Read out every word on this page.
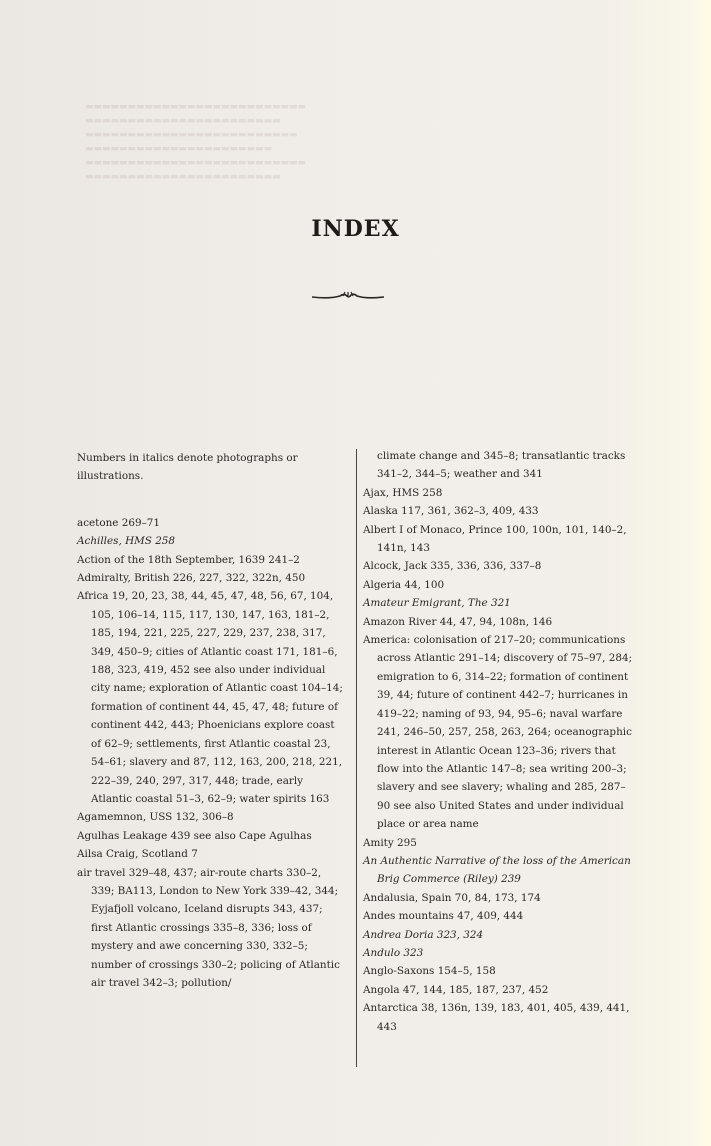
▬▬▬▬▬▬▬▬▬▬▬▬▬▬▬▬▬▬▬▬▬▬▬▬▬▬
▬▬▬▬▬▬▬▬▬▬▬▬▬▬▬▬▬▬▬▬▬▬▬
▬▬▬▬▬▬▬▬▬▬▬▬▬▬▬▬▬▬▬▬▬▬▬▬▬
▬▬▬▬▬▬▬▬▬▬▬▬▬▬▬▬▬▬▬▬▬▬
▬▬▬▬▬▬▬▬▬▬▬▬▬▬▬▬▬▬▬▬▬▬▬▬▬▬
▬▬▬▬▬▬▬▬▬▬▬▬▬▬▬▬▬▬▬▬▬▬▬
INDEX

Numbers in italics denote photographs or illustrations.

acetone 269–71

Achilles, HMS 258

Action of the 18th September, 1639 241–2

Admiralty, British 226, 227, 322, 322n, 450

Africa 19, 20, 23, 38, 44, 45, 47, 48, 56, 67, 104, 105, 106–14, 115, 117, 130, 147, 163, 181–2, 185, 194, 221, 225, 227, 229, 237, 238, 317, 349, 450–9; cities of Atlantic coast 171, 181–6, 188, 323, 419, 452 see also under individual city name; exploration of Atlantic coast 104–14; formation of continent 44, 45, 47, 48; future of continent 442, 443; Phoenicians explore coast of 62–9; settlements, first Atlantic coastal 23, 54–61; slavery and 87, 112, 163, 200, 218, 221, 222–39, 240, 297, 317, 448; trade, early Atlantic coastal 51–3, 62–9; water spirits 163

Agamemnon, USS 132, 306–8

Agulhas Leakage 439 see also Cape Agulhas

Ailsa Craig, Scotland 7

air travel 329–48, 437; air-route charts 330–2, 339; BA113, London to New York 339–42, 344; Eyjafjoll volcano, Iceland disrupts 343, 437; first Atlantic crossings 335–8, 336; loss of mystery and awe concerning 330, 332–5; number of crossings 330–2; policing of Atlantic air travel 342–3; pollution/

climate change and 345–8; transatlantic tracks 341–2, 344–5; weather and 341

Ajax, HMS 258

Alaska 117, 361, 362–3, 409, 433

Albert I of Monaco, Prince 100, 100n, 101, 140–2, 141n, 143

Alcock, Jack 335, 336, 336, 337–8

Algeria 44, 100

Amateur Emigrant, The 321

Amazon River 44, 47, 94, 108n, 146

America: colonisation of 217–20; communications across Atlantic 291–14; discovery of 75–97, 284; emigration to 6, 314–22; formation of continent 39, 44; future of continent 442–7; hurricanes in 419–22; naming of 93, 94, 95–6; naval warfare 241, 246–50, 257, 258, 263, 264; oceanographic interest in Atlantic Ocean 123–36; rivers that flow into the Atlantic 147–8; sea writing 200–3; slavery and see slavery; whaling and 285, 287–90 see also United States and under individual place or area name

Amity 295

An Authentic Narrative of the loss of the American Brig Commerce (Riley) 239

Andalusia, Spain 70, 84, 173, 174

Andes mountains 47, 409, 444

Andrea Doria 323, 324

Andulo 323

Anglo-Saxons 154–5, 158

Angola 47, 144, 185, 187, 237, 452

Antarctica 38, 136n, 139, 183, 401, 405, 439, 441, 443
